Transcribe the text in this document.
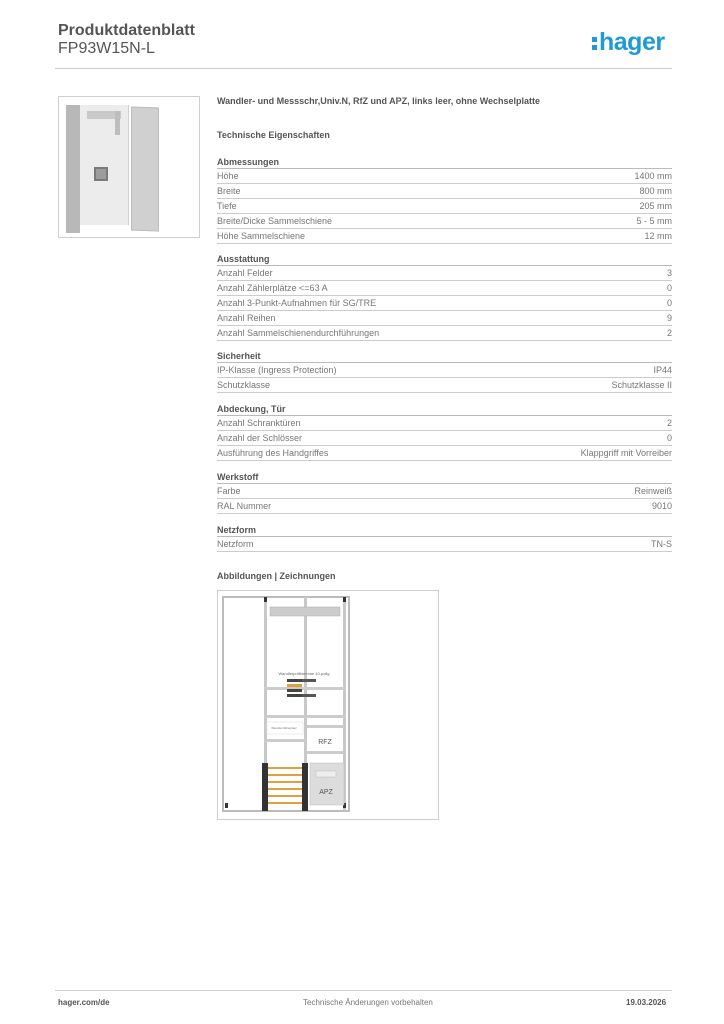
Produktdatenblatt
FP93W15N-L	hager
Wandler- und Messschr,Univ.N, RfZ und APZ, links leer, ohne Wechselplatte
Technische Eigenschaften
Abmessungen
Höhe	1400 mm
Breite	800 mm
Tiefe	205 mm
Breite/Dicke Sammelschiene	5 - 5 mm
Höhe Sammelschiene	12 mm
Ausstattung
Anzahl Felder	3
Anzahl Zählerplätze <=63 A	0
Anzahl 3-Punkt-Aufnahmen für SG/TRE	0
Anzahl Reihen	9
Anzahl Sammelschienendurchführungen	2
Sicherheit
IP-Klasse (Ingress Protection)	IP44
Schutzklasse	Schutzklasse II
Abdeckung, Tür
Anzahl Schranktüren	2
Anzahl der Schlösser	0
Ausführung des Handgriffes	Klappgriff mit Vorreiber
Werkstoff
Farbe	Reinweiß
RAL Nummer	9010
Netzform
Netzform	TN-S
Abbildungen | Zeichnungen
Wandlerprüfklemme 10-polig
Wandlerzählerplatz
RFZ
APZ
hager.com/de	Technische Änderungen vorbehalten	19.03.2026
